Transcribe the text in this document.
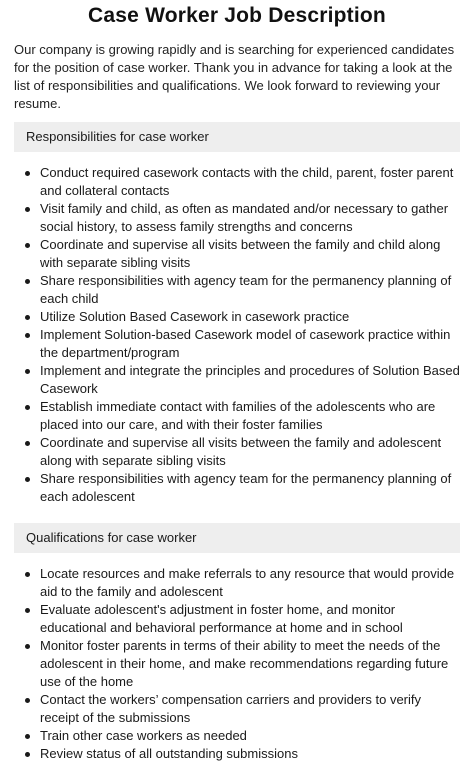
Case Worker Job Description

Our company is growing rapidly and is searching for experienced candidates for the position of case worker. Thank you in advance for taking a look at the list of responsibilities and qualifications. We look forward to reviewing your resume.

Responsibilities for case worker
Conduct required casework contacts with the child, parent, foster parent and collateral contacts
Visit family and child, as often as mandated and/or necessary to gather social history, to assess family strengths and concerns
Coordinate and supervise all visits between the family and child along with separate sibling visits
Share responsibilities with agency team for the permanency planning of each child
Utilize Solution Based Casework in casework practice
Implement Solution-based Casework model of casework practice within the department/program
Implement and integrate the principles and procedures of Solution Based Casework
Establish immediate contact with families of the adolescents who are placed into our care, and with their foster families
Coordinate and supervise all visits between the family and adolescent along with separate sibling visits
Share responsibilities with agency team for the permanency planning of each adolescent
Qualifications for case worker
Locate resources and make referrals to any resource that would provide aid to the family and adolescent
Evaluate adolescent's adjustment in foster home, and monitor educational and behavioral performance at home and in school
Monitor foster parents in terms of their ability to meet the needs of the adolescent in their home, and make recommendations regarding future use of the home
Contact the workers’ compensation carriers and providers to verify receipt of the submissions
Train other case workers as needed
Review status of all outstanding submissions
